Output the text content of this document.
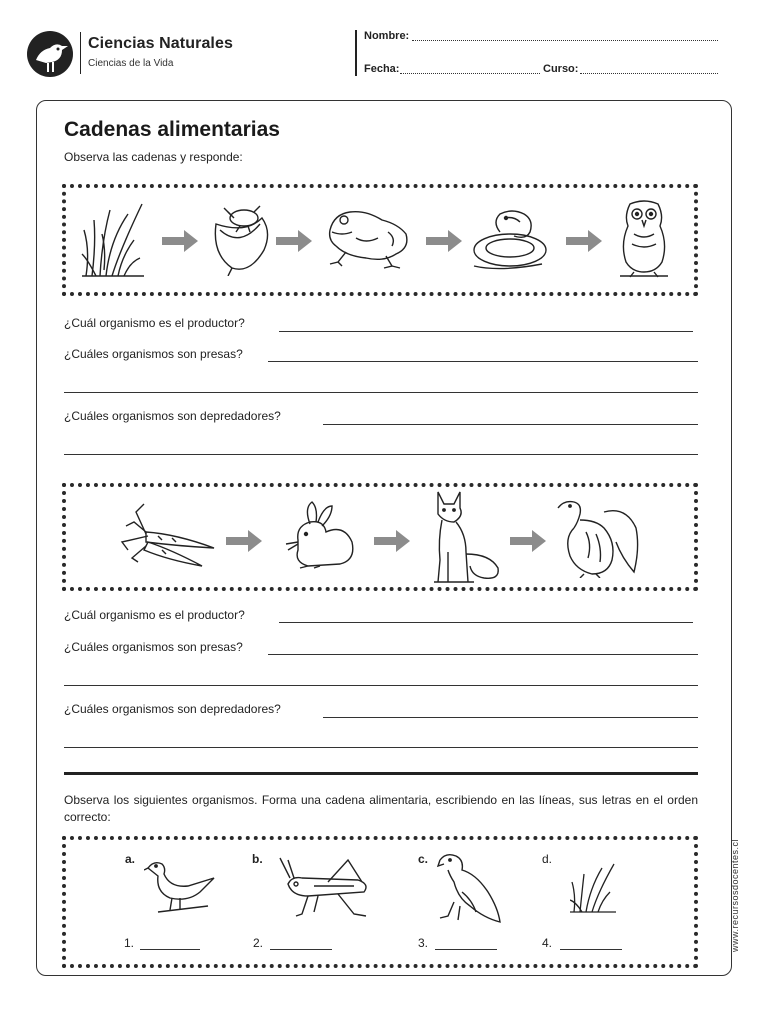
Ciencias Naturales
Ciencias de la Vida
Nombre:
Fecha:	Curso:
Cadenas alimentarias
Observa las cadenas y responde:
¿Cuál organismo es el productor?
¿Cuáles organismos son presas?
¿Cuáles organismos son depredadores?
¿Cuál organismo es el productor?
¿Cuáles organismos son presas?
¿Cuáles organismos son depredadores?
Observa los siguientes organismos. Forma una cadena alimentaria, escribiendo en las líneas, sus letras en el orden correcto:
a.	b.	c.	d.
1.	2.	3.	4.	www.recursosdocentes.cl
